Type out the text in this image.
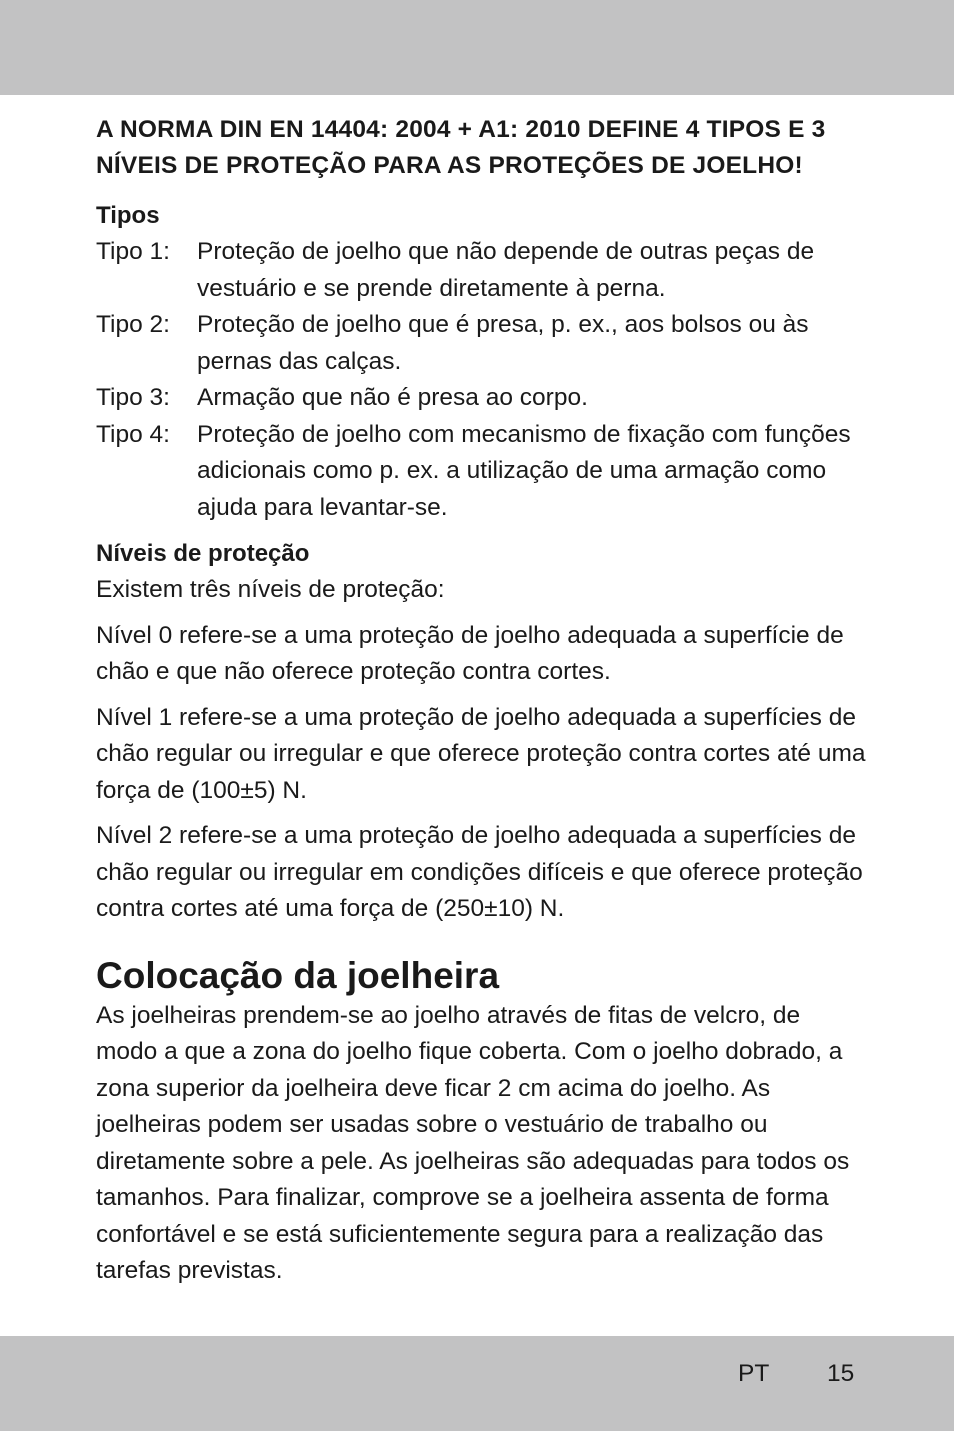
A NORMA DIN EN 14404: 2004 + A1: 2010 DEFINE 4 TIPOS E 3 NÍVEIS DE PROTEÇÃO PARA AS PROTEÇÕES DE JOELHO!

Tipos

Tipo 1:	Proteção de joelho que não depende de outras peças de vestuário e se prende diretamente à perna.
Tipo 2:	Proteção de joelho que é presa, p. ex., aos bolsos ou às pernas das calças.
Tipo 3:	Armação que não é presa ao corpo.
Tipo 4:	Proteção de joelho com mecanismo de fixação com funções adicionais como p. ex. a utilização de uma armação como ajuda para levantar-se.

Níveis de proteção

Existem três níveis de proteção:

Nível 0 refere-se a uma proteção de joelho adequada a superfície de chão e que não oferece proteção contra cortes.

Nível 1 refere-se a uma proteção de joelho adequada a superfícies de chão regular ou irregular e que oferece proteção contra cortes até uma força de (100±5) N.

Nível 2 refere-se a uma proteção de joelho adequada a superfícies de chão regular ou irregular em condições difíceis e que oferece proteção contra cortes até uma força de (250±10) N.

Colocação da joelheira

As joelheiras prendem-se ao joelho através de fitas de velcro, de modo a que a zona do joelho fique coberta. Com o joelho dobrado, a zona superior da joelheira deve ficar 2 cm acima do joelho. As joelheiras podem ser usadas sobre o vestuário de trabalho ou diretamente sobre a pele. As joelheiras são adequadas para todos os tamanhos. Para finalizar, comprove se a joelheira assenta de forma confortável e se está suficientemente segura para a realização das tarefas previstas.

PT 15
